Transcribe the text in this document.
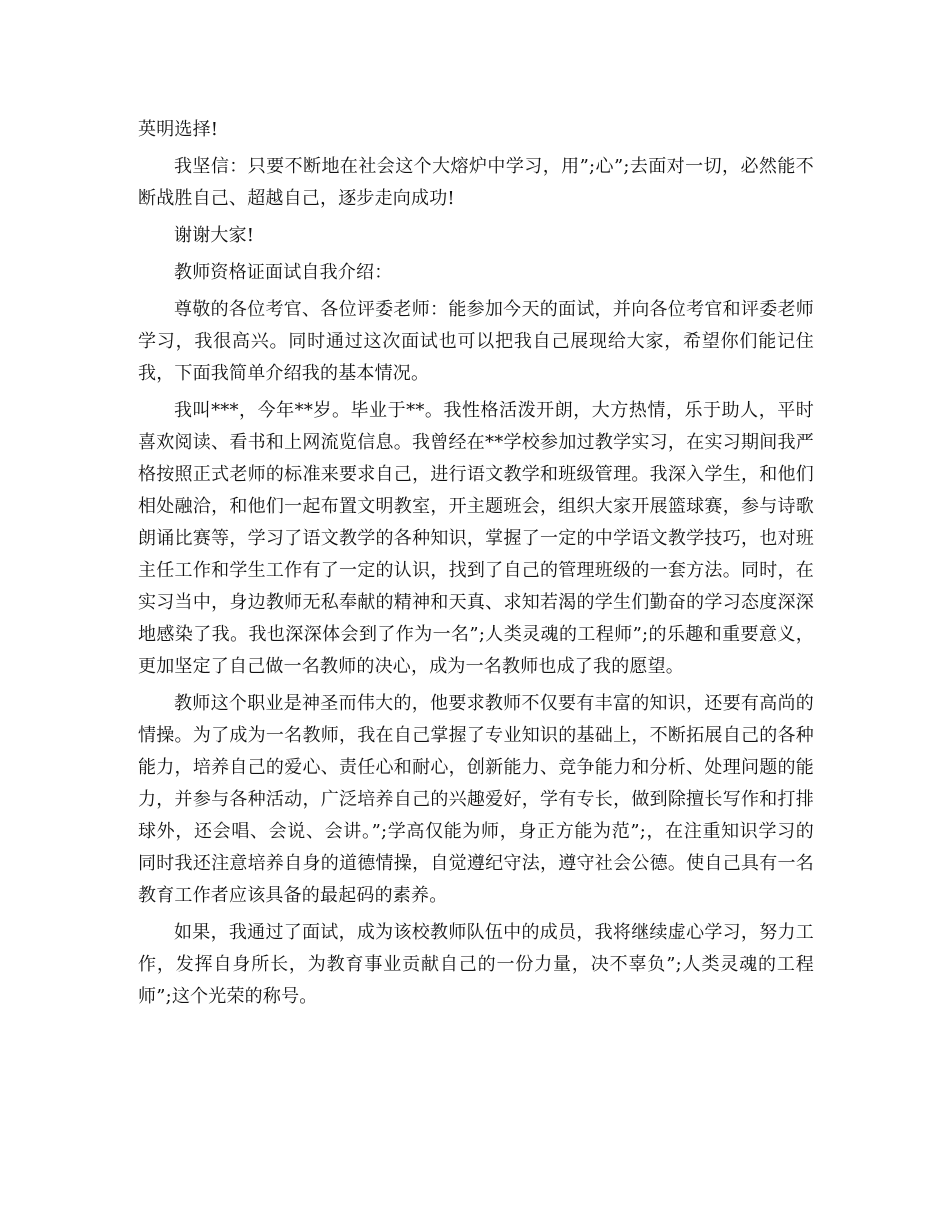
英明选择!

我坚信：只要不断地在社会这个大熔炉中学习，用”;心”;去面对一切，必然能不断战胜自己、超越自己，逐步走向成功!

谢谢大家!

教师资格证面试自我介绍：

尊敬的各位考官、各位评委老师：能参加今天的面试，并向各位考官和评委老师学习，我很高兴。同时通过这次面试也可以把我自己展现给大家，希望你们能记住我，下面我简单介绍我的基本情况。

我叫***，今年**岁。毕业于**。我性格活泼开朗，大方热情，乐于助人，平时喜欢阅读、看书和上网流览信息。我曾经在**学校参加过教学实习，在实习期间我严格按照正式老师的标准来要求自己，进行语文教学和班级管理。我深入学生，和他们相处融洽，和他们一起布置文明教室，开主题班会，组织大家开展篮球赛，参与诗歌朗诵比赛等，学习了语文教学的各种知识，掌握了一定的中学语文教学技巧，也对班主任工作和学生工作有了一定的认识，找到了自己的管理班级的一套方法。同时，在实习当中，身边教师无私奉献的精神和天真、求知若渴的学生们勤奋的学习态度深深地感染了我。我也深深体会到了作为一名”;人类灵魂的工程师”;的乐趣和重要意义，更加坚定了自己做一名教师的决心，成为一名教师也成了我的愿望。

教师这个职业是神圣而伟大的，他要求教师不仅要有丰富的知识，还要有高尚的情操。为了成为一名教师，我在自己掌握了专业知识的基础上，不断拓展自己的各种能力，培养自己的爱心、责任心和耐心，创新能力、竞争能力和分析、处理问题的能力，并参与各种活动，广泛培养自己的兴趣爱好，学有专长，做到除擅长写作和打排球外，还会唱、会说、会讲。”;学高仅能为师，身正方能为范”;，在注重知识学习的同时我还注意培养自身的道德情操，自觉遵纪守法，遵守社会公德。使自己具有一名教育工作者应该具备的最起码的素养。

如果，我通过了面试，成为该校教师队伍中的成员，我将继续虚心学习，努力工作，发挥自身所长，为教育事业贡献自己的一份力量，决不辜负”;人类灵魂的工程师”;这个光荣的称号。
